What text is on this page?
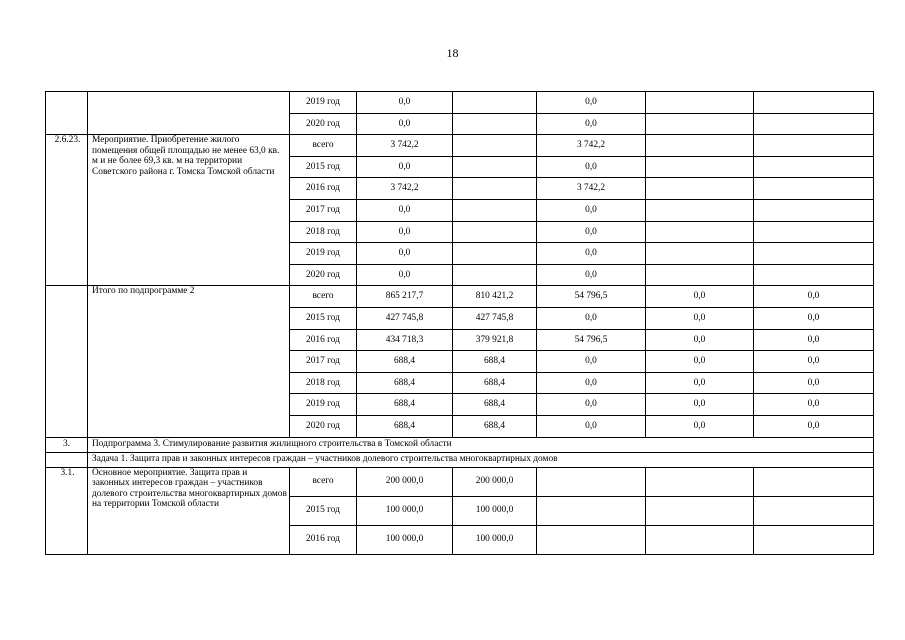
18
		2019 год	0,0		0,0		
		2020 год	0,0		0,0		
2.6.23.	Мероприятие. Приобретение жилого помещения общей площадью не менее 63,0 кв. м и не более 69,3 кв. м на территории Советского района г. Томска Томской области	всего	3 742,2		3 742,2		
		2015 год	0,0		0,0		
		2016 год	3 742,2		3 742,2		
		2017 год	0,0		0,0		
		2018 год	0,0		0,0		
		2019 год	0,0		0,0		
		2020 год	0,0		0,0		
	Итого по подпрограмме 2	всего	865 217,7	810 421,2	54 796,5	0,0	0,0
		2015 год	427 745,8	427 745,8	0,0	0,0	0,0
		2016 год	434 718,3	379 921,8	54 796,5	0,0	0,0
		2017 год	688,4	688,4	0,0	0,0	0,0
		2018 год	688,4	688,4	0,0	0,0	0,0
		2019 год	688,4	688,4	0,0	0,0	0,0
		2020 год	688,4	688,4	0,0	0,0	0,0
3.	Подпрограмма 3. Стимулирование развития жилищного строительства в Томской области						
	Задача 1. Защита прав и законных интересов граждан – участников долевого строительства многоквартирных домов						
3.1.	Основное мероприятие. Защита прав и законных интересов граждан – участников долевого строительства многоквартирных домов на территории Томской области	всего	200 000,0	200 000,0			
		2015 год	100 000,0	100 000,0			
		2016 год	100 000,0	100 000,0			
